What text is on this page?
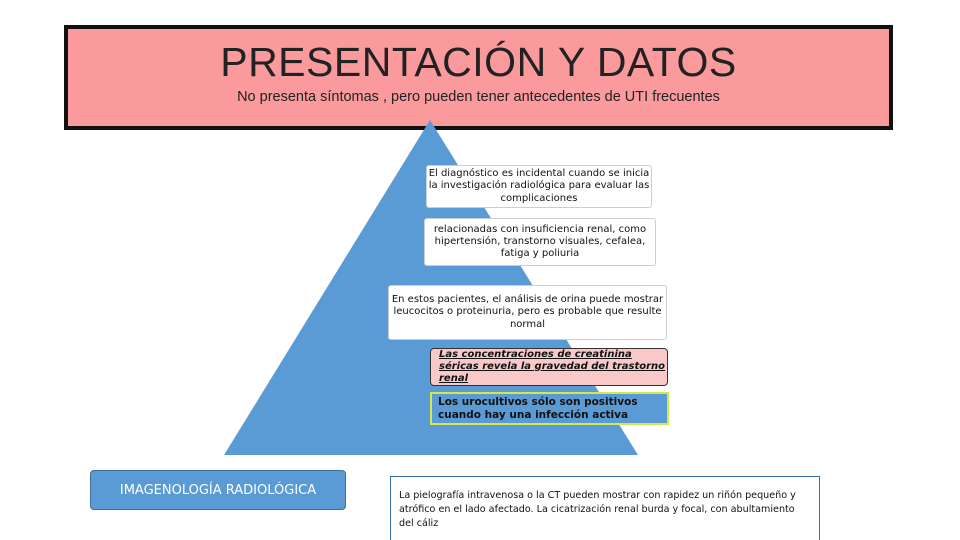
PRESENTACIÓN Y DATOS
No presenta síntomas , pero pueden tener antecedentes de UTI frecuentes
El diagnóstico es incidental cuando se inicia la investigación radiológica para evaluar las complicaciones
relacionadas con insuficiencia renal, como hipertensión, transtorno visuales, cefalea, fatiga y poliuria
En estos pacientes, el análisis de orina puede mostrar leucocitos o proteinuria, pero es probable que resulte normal
Las concentraciones de creatinina séricas revela la gravedad del trastorno renal
Los urocultivos sólo son positivos cuando hay una infección activa
IMAGENOLOGÍA RADIOLÓGICA	La pielografía intravenosa o la CT pueden mostrar con rapidez un riñón pequeño y atrófico en el lado afectado. La cicatrización renal burda y focal, con abultamiento del cáliz
